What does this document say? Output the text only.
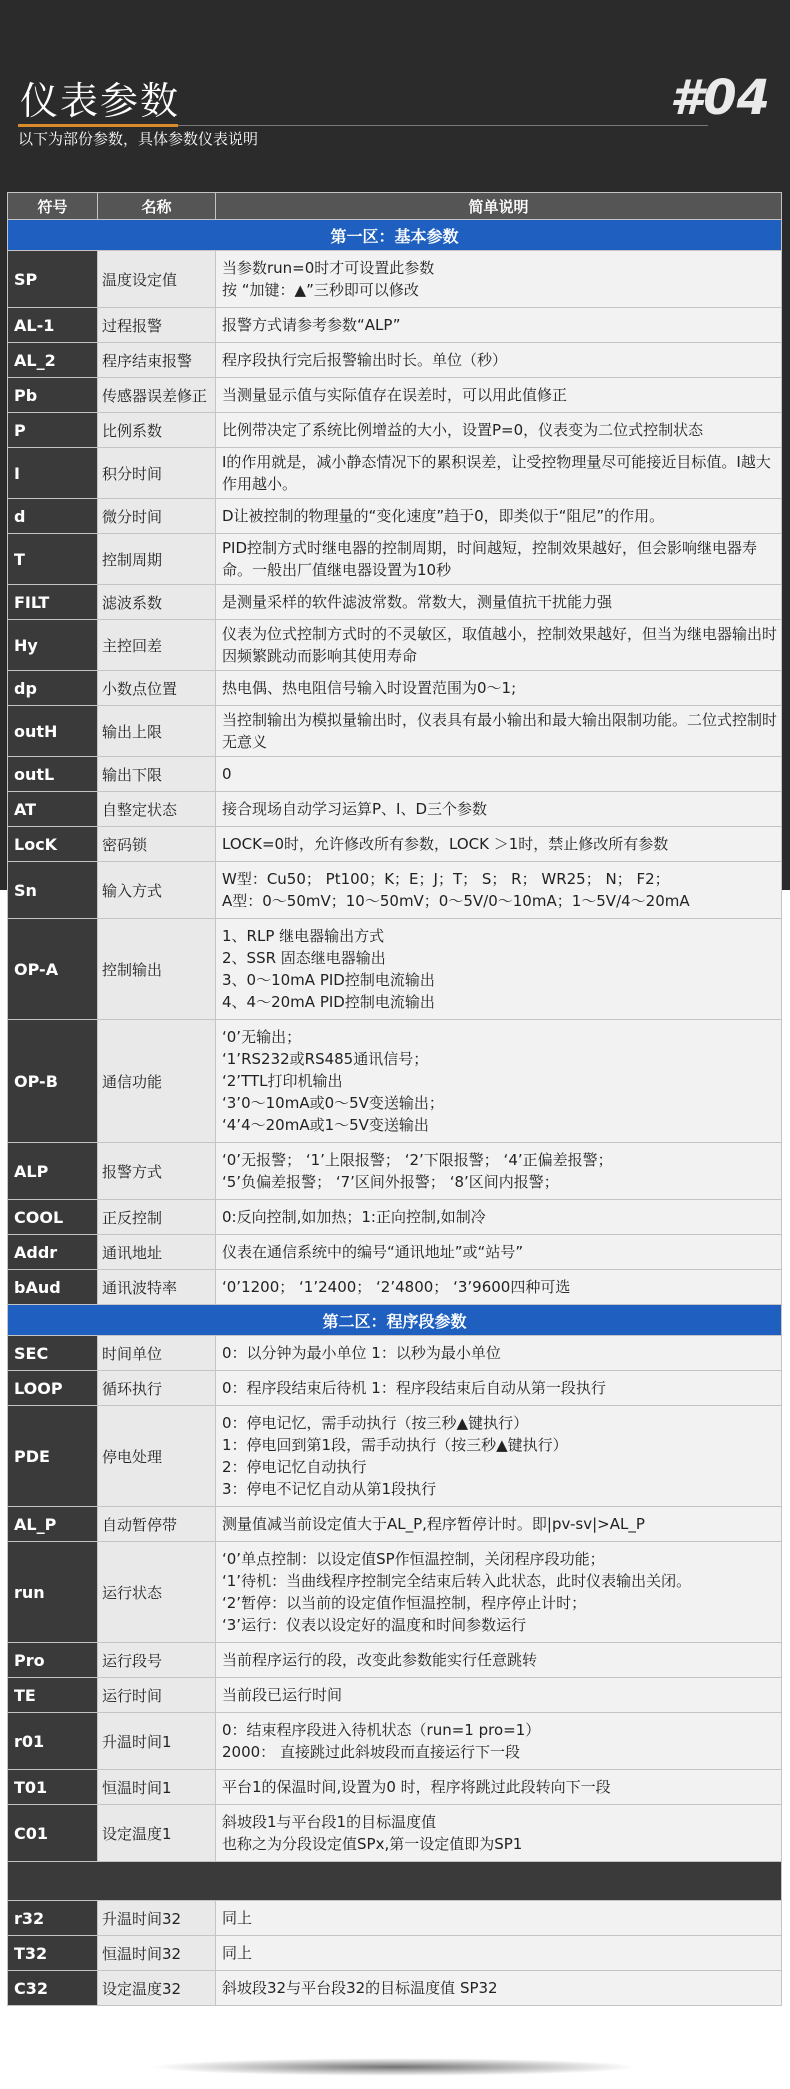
仪表参数	#04
以下为部份参数，具体参数仪表说明
符号	名称	简单说明
第一区：基本参数		
SP	温度设定值	当参数run=0时才可设置此参数
按 “加键：▲”三秒即可以修改
AL-1	过程报警	报警方式请参考参数“ALP”
AL_2	程序结束报警	程序段执行完后报警输出时长。单位（秒）
Pb	传感器误差修正	当测量显示值与实际值存在误差时，可以用此值修正
P	比例系数	比例带决定了系统比例增益的大小，设置P=0，仪表变为二位式控制状态
I	积分时间	I的作用就是，减小静态情况下的累积误差，让受控物理量尽可能接近目标值。I越大作用越小。
d	微分时间	D让被控制的物理量的“变化速度”趋于0，即类似于“阻尼”的作用。
T	控制周期	PID控制方式时继电器的控制周期，时间越短，控制效果越好，但会影响继电器寿命。一般出厂值继电器设置为10秒
FILT	滤波系数	是测量采样的软件滤波常数。常数大，测量值抗干扰能力强
Hy	主控回差	仪表为位式控制方式时的不灵敏区，取值越小，控制效果越好，但当为继电器输出时因频繁跳动而影响其使用寿命
dp	小数点位置	热电偶、热电阻信号输入时设置范围为0～1;
outH	输出上限	当控制输出为模拟量输出时，仪表具有最小输出和最大输出限制功能。二位式控制时无意义
outL	输出下限	0
AT	自整定状态	接合现场自动学习运算P、I、D三个参数
LocK	密码锁	LOCK=0时，允许修改所有参数，LOCK ＞1时，禁止修改所有参数
Sn	输入方式	W型：Cu50； Pt100；K；E；J；T； S； R； WR25； N； F2；
A型：0～50mV；10～50mV；0～5V/0～10mA；1～5V/4～20mA
OP-A	控制输出	1、RLP 继电器输出方式
2、SSR 固态继电器输出
3、0～10mA PID控制电流输出
4、4～20mA PID控制电流输出
OP-B	通信功能	‘0’无输出；
‘1’RS232或RS485通讯信号；
‘2’TTL打印机输出
‘3’0～10mA或0～5V变送输出；
‘4’4～20mA或1～5V变送输出
ALP	报警方式	‘0’无报警； ‘1’上限报警； ‘2’下限报警； ‘4’正偏差报警；
‘5’负偏差报警； ‘7’区间外报警； ‘8’区间内报警；
COOL	正反控制	0:反向控制,如加热；1:正向控制,如制冷
Addr	通讯地址	仪表在通信系统中的编号“通讯地址”或“站号”
bAud	通讯波特率	‘0’1200； ‘1’2400； ‘2’4800； ‘3’9600四种可选
第二区：程序段参数		
SEC	时间单位	0：以分钟为最小单位 1：以秒为最小单位
LOOP	循环执行	0：程序段结束后待机 1：程序段结束后自动从第一段执行
PDE	停电处理	0：停电记忆，需手动执行（按三秒▲键执行）
1：停电回到第1段，需手动执行（按三秒▲键执行）
2：停电记忆自动执行
3：停电不记忆自动从第1段执行
AL_P	自动暂停带	测量值减当前设定值大于AL_P,程序暂停计时。即|pv-sv|>AL_P
run	运行状态	‘0’单点控制：以设定值SP作恒温控制，关闭程序段功能；
‘1’待机：当曲线程序控制完全结束后转入此状态，此时仪表输出关闭。
‘2’暂停：以当前的设定值作恒温控制，程序停止计时；
‘3’运行：仪表以设定好的温度和时间参数运行
Pro	运行段号	当前程序运行的段，改变此参数能实行任意跳转
TE	运行时间	当前段已运行时间
r01	升温时间1	0：结束程序段进入待机状态（run=1 pro=1）
2000： 直接跳过此斜坡段而直接运行下一段
T01	恒温时间1	平台1的保温时间,设置为0 时，程序将跳过此段转向下一段
C01	设定温度1	斜坡段1与平台段1的目标温度值
也称之为分段设定值SPx,第一设定值即为SP1

r32	升温时间32	同上
T32	恒温时间32	同上
C32	设定温度32	斜坡段32与平台段32的目标温度值 SP32
